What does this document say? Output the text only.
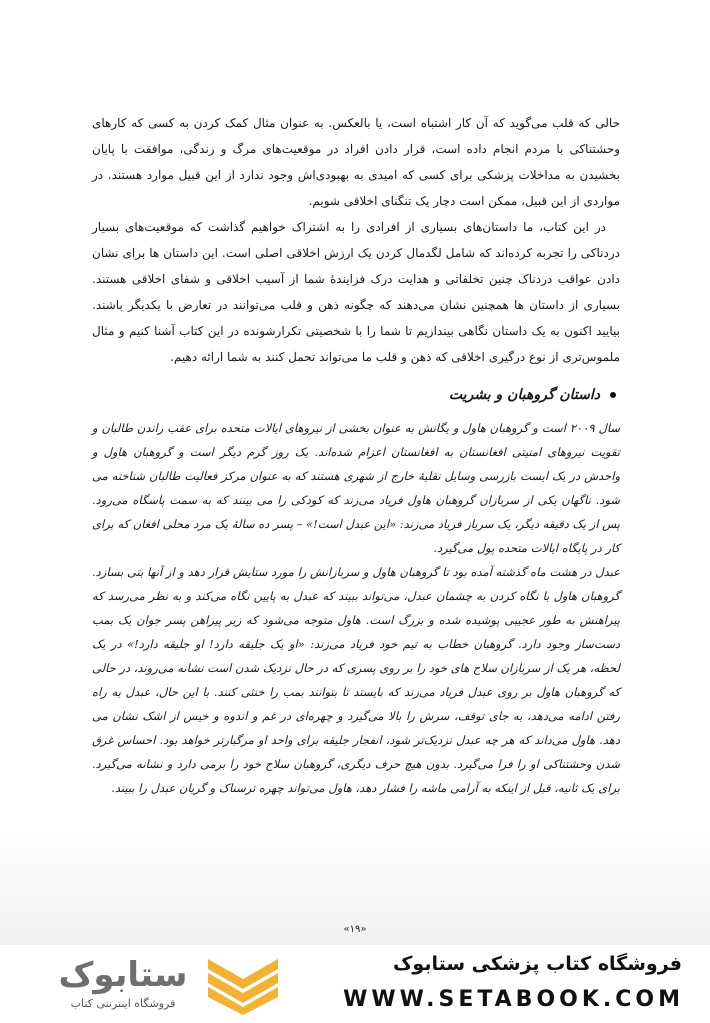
حالی که قلب می‌گوید که آن کار اشتباه است، یا بالعکس. به عنوان مثال کمک کردن به کسی که کارهای وحشتناکی با مردم انجام داده است، قرار دادن افراد در موقعیت‌های مرگ و زندگی، موافقت با پایان بخشیدن به مداخلات پزشکی برای کسی که امیدی به بهبودی‌اش وجود ندارد از این قبیل موارد هستند. در مواردی از این قبیل، ممکن است دچار یک تنگنای اخلاقی شویم.

در این کتاب، ما داستان‌های بسیاری از افرادی را به اشتراک خواهیم گذاشت که موقعیت‌های بسیار دردناکی را تجربه کرده‌اند که شامل لگدمال کردن یک ارزش اخلاقی اصلی است. این داستان ها برای نشان دادن عواقب دردناک چنین تخلفاتی و هدایت درک فزایندهٔ شما از آسیب اخلاقی و شفای اخلاقی هستند. بسیاری از داستان ها همچنین نشان می‌دهند که چگونه ذهن و قلب می‌توانند در تعارض با یکدیگر باشند. بیایید اکنون به یک داستان نگاهی بیندازیم تا شما را با شخصیتی تکرارشونده در این کتاب آشنا کنیم و مثال ملموس‌تری از نوع درگیری اخلاقی که ذهن و قلب ما می‌تواند تحمل کنند به شما ارائه دهیم.

داستان گروهبان و بشریت

سال ۲۰۰۹ است و گروهبان هاول و یگانش به عنوان بخشی از نیروهای ایالات متحده برای عقب راندن طالبان و تقویت نیروهای امنیتی افغانستان به افغانستان اعزام شده‌اند. یک روز گرم دیگر است و گروهبان هاول و واحدش در یک ایست بازرسی وسایل نقلیهٔ خارج از شهری هستند که به عنوان مرکز فعالیت طالبان شناخته می شود. ناگهان یکی از سربازان گروهبان هاول فریاد می‌زند که کودکی را می بینند که به سمت پاسگاه می‌رود. پس از یک دقیقه دیگر، یک سرباز فریاد می‌زند: «این عبدل است!» – پسر ده سالهٔ یک مرد محلی افغان که برای کار در پایگاه ایالات متحده پول می‌گیرد.

عبدل در هشت ماه گذشته آمده بود تا گروهبان هاول و سربازانش را مورد ستایش قرار دهد و از آنها بتی بسازد. گروهبان هاول با نگاه کردن به چشمان عبدل، می‌تواند ببیند که عبدل به پایین نگاه می‌کند و به نظر می‌رسد که پیراهنش به طور عجیبی پوشیده شده و بزرگ است. هاول متوجه می‌شود که زیر پیراهن پسر جوان یک بمب دست‌ساز وجود دارد. گروهبان خطاب به تیم خود فریاد می‌زند: «او یک جلیقه دارد! او جلیقه دارد!» در یک لحظه، هر یک از سربازان سلاح های خود را بر روی پسری که در حال نزدیک شدن است نشانه می‌روند، در حالی که گروهبان هاول بر روی عبدل فریاد می‌زند که بایستد تا بتوانند بمب را خنثی کنند. با این حال، عبدل به راه رفتن ادامه می‌دهد، به جای توقف، سرش را بالا می‌گیرد و چهره‌ای در غم و اندوه و خیس از اشک نشان می دهد. هاول می‌داند که هر چه عبدل نزدیک‌تر شود، انفجار جلیقه برای واحد او مرگبارتر خواهد بود. احساس غرق شدن وحشتناکی او را فرا می‌گیرد. بدون هیچ حرف دیگری، گروهبان سلاح خود را برمی دارد و نشانه می‌گیرد. برای یک ثانیه، قبل از اینکه به آرامی ماشه را فشار دهد، هاول می‌تواند چهره ترسناک و گریان عبدل را ببیند.

«۱۹»
ستابوک
فروشگاه اینترنتی کتاب
فروشگاه کتاب پزشکی ستابوک
WWW.SETABOOK.COM
